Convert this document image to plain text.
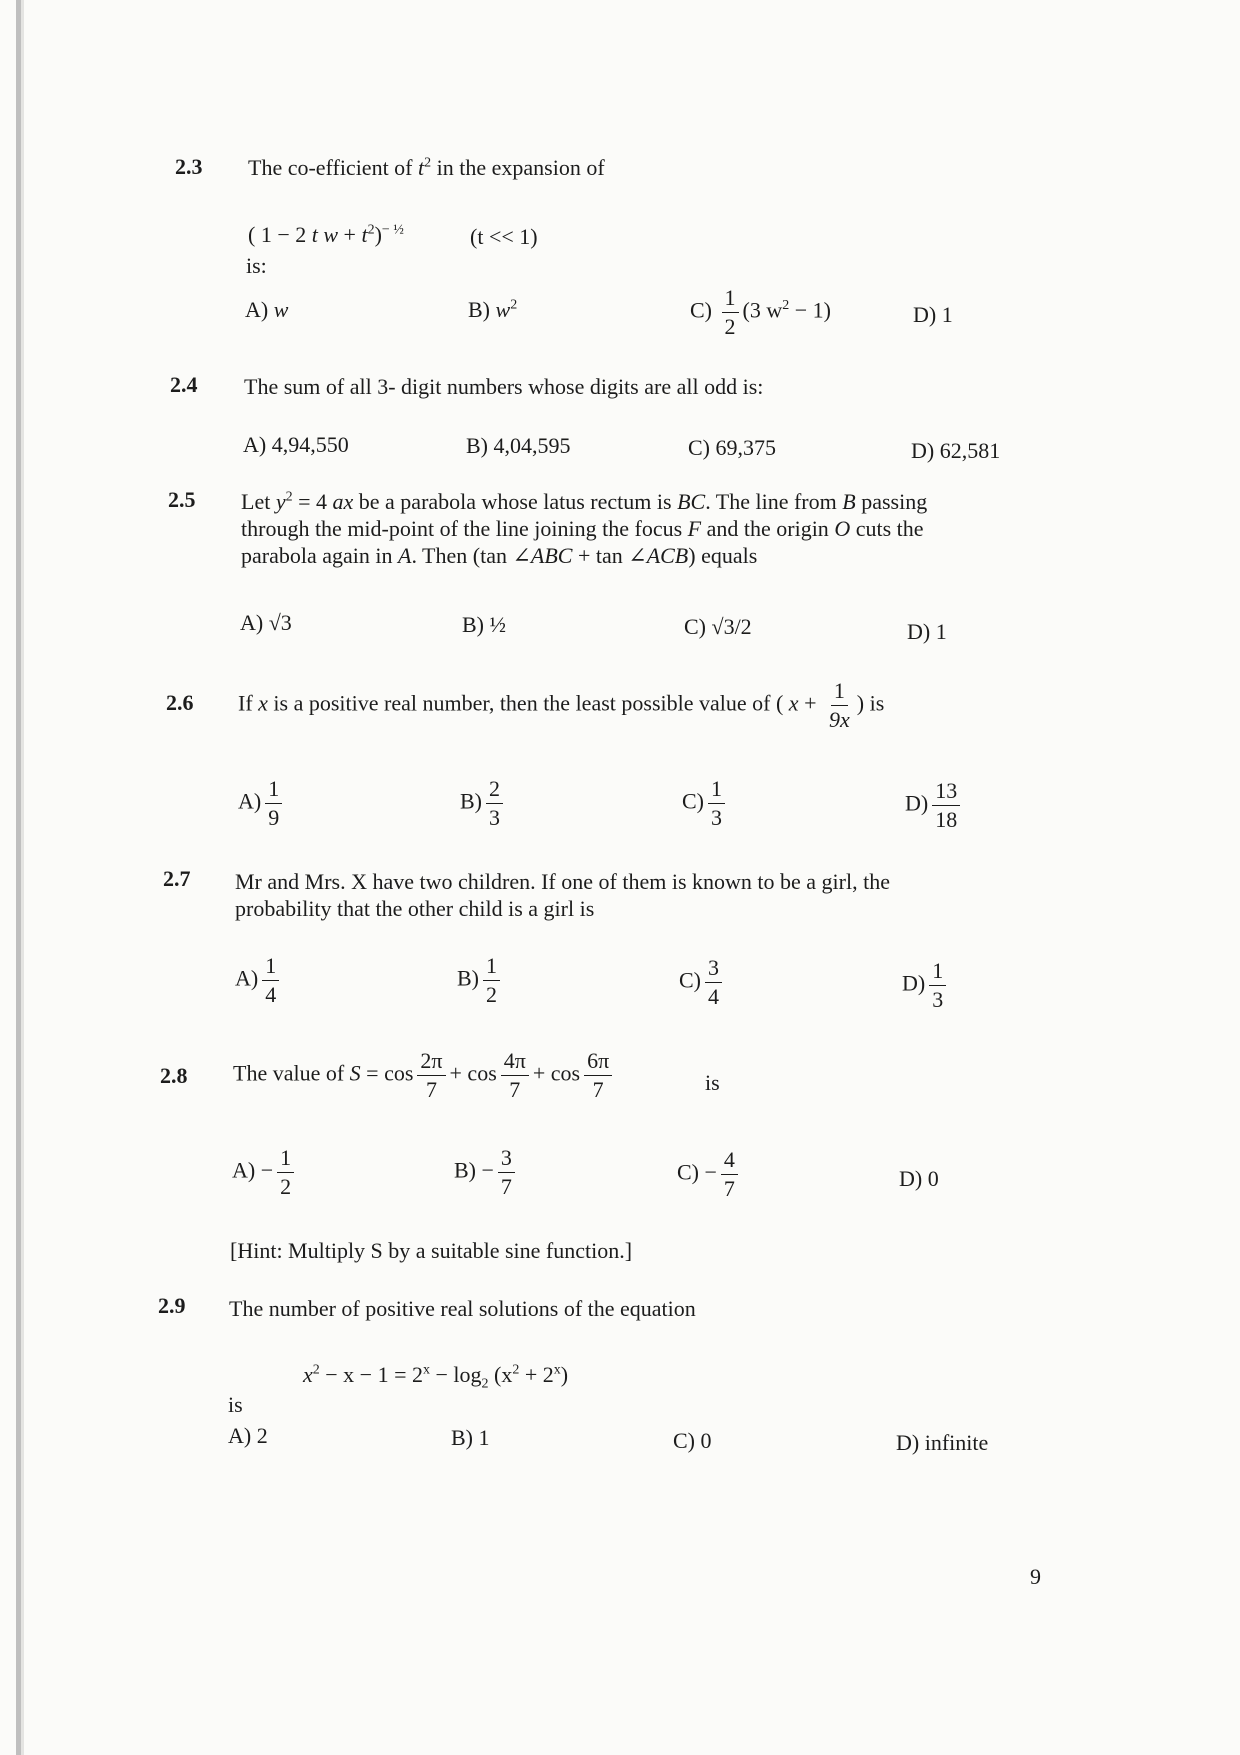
2.3 The co-efficient of $t^2$ in the expansion of
( 1 − 2 t $w + t^2)^{- \frac{1}{2}}$	(t << 1)
is:
A) w	B) $w^2$	$C) \frac{1}{2} (3$ $w^2 - 1$)	D) 1
2.4 The sum of all 3- digit numbers whose digits are all odd is:
A) 4,94,550	B) 4,04,595	C) 69,375	D) 62,581
2.5 Let $y^2 = 4$ ax be a parabola whose latus rectum is BC. The line from B passing
through the mid-point of the line joining the focus F and the origin O cuts the
parabola again in A. Then (tan ∠ABC + tan ∠ACB) equals
A) √3	B) ½	C) √3/2	D) 1
2.6 If x is a positive real number, then the least possible value of ( $x + \frac{1}{9x}$ ) is
$A) \frac{1}{9}$	$B) \frac{2}{3}$	$C) \frac{1}{3}$	$D) \frac{13}{18}$
2.7 Mr and Mrs. X have two children. If one of them is known to be a girl, the
probability that the other child is a girl is
$A) \frac{1}{4}$	$B) \frac{1}{2}$	$C) \frac{3}{4}$	$D) \frac{1}{3}$
2.8 The value of $S = \cos \frac{2\pi}{7} + \cos \frac{4\pi}{7} + \cos \frac{6\pi}{7}$	is
$A) - \frac{1}{2}$	$B) - \frac{3}{7}$	$C) - \frac{4}{7}$	D) 0
[Hint: Multiply S by a suitable sine function.]
2.9 The number of positive real solutions of the equation
$x^2 - x - 1 = 2^x - \log_2 (x^2 + 2^x)$
is
A) 2	B) 1	C) 0	D) infinite
9
